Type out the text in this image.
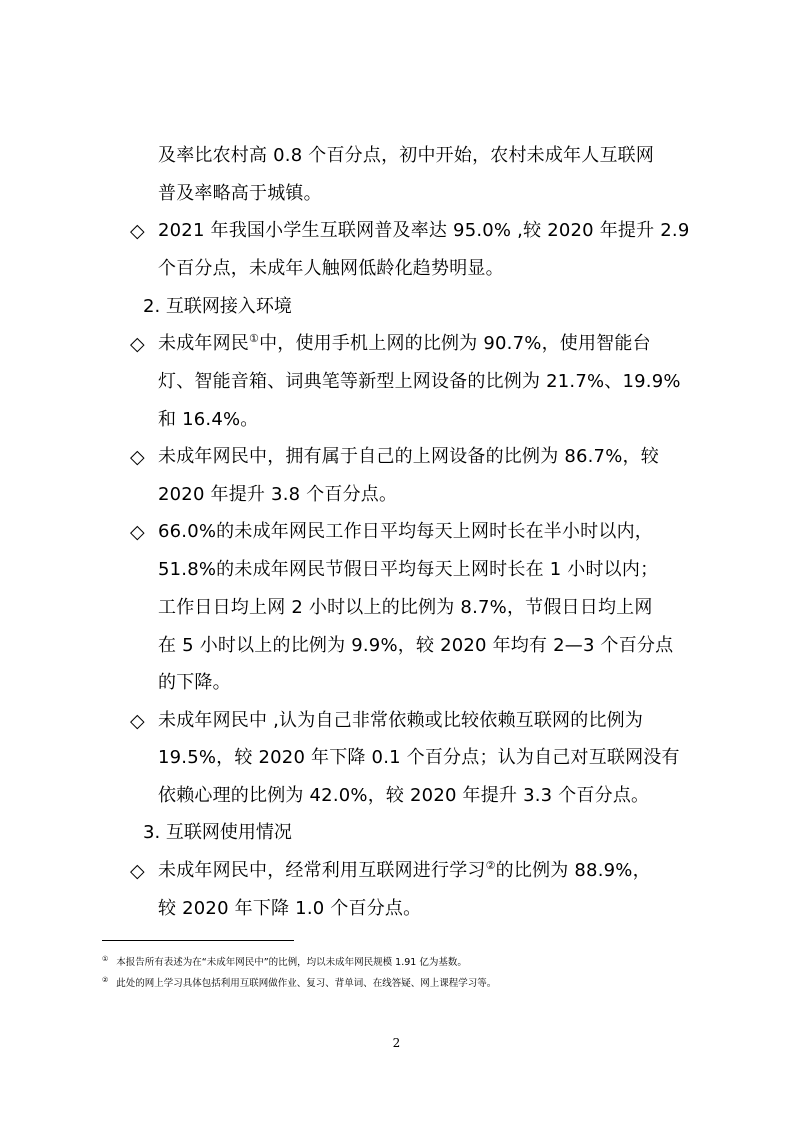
及率比农村高 0.8 个百分点，初中开始，农村未成年人互联网
普及率略高于城镇。
◇ 2021 年我国小学生互联网普及率达 95.0% ,较 2020 年提升 2.9
个百分点，未成年人触网低龄化趋势明显。
2. 互联网接入环境
◇ 未成年网民①中，使用手机上网的比例为 90.7%，使用智能台
灯、智能音箱、词典笔等新型上网设备的比例为 21.7%、19.9%
和 16.4%。
◇ 未成年网民中，拥有属于自己的上网设备的比例为 86.7%，较
2020 年提升 3.8 个百分点。
◇ 66.0%的未成年网民工作日平均每天上网时长在半小时以内，
51.8%的未成年网民节假日平均每天上网时长在 1 小时以内；
工作日日均上网 2 小时以上的比例为 8.7%，节假日日均上网
在 5 小时以上的比例为 9.9%，较 2020 年均有 2—3 个百分点
的下降。
◇ 未成年网民中 ,认为自己非常依赖或比较依赖互联网的比例为
19.5%，较 2020 年下降 0.1 个百分点；认为自己对互联网没有
依赖心理的比例为 42.0%，较 2020 年提升 3.3 个百分点。
3. 互联网使用情况
◇ 未成年网民中，经常利用互联网进行学习②的比例为 88.9%，
较 2020 年下降 1.0 个百分点。
① 本报告所有表述为在“未成年网民中”的比例，均以未成年网民规模 1.91 亿为基数。
② 此处的网上学习具体包括利用互联网做作业、复习、背单词、在线答疑、网上课程学习等。
2
